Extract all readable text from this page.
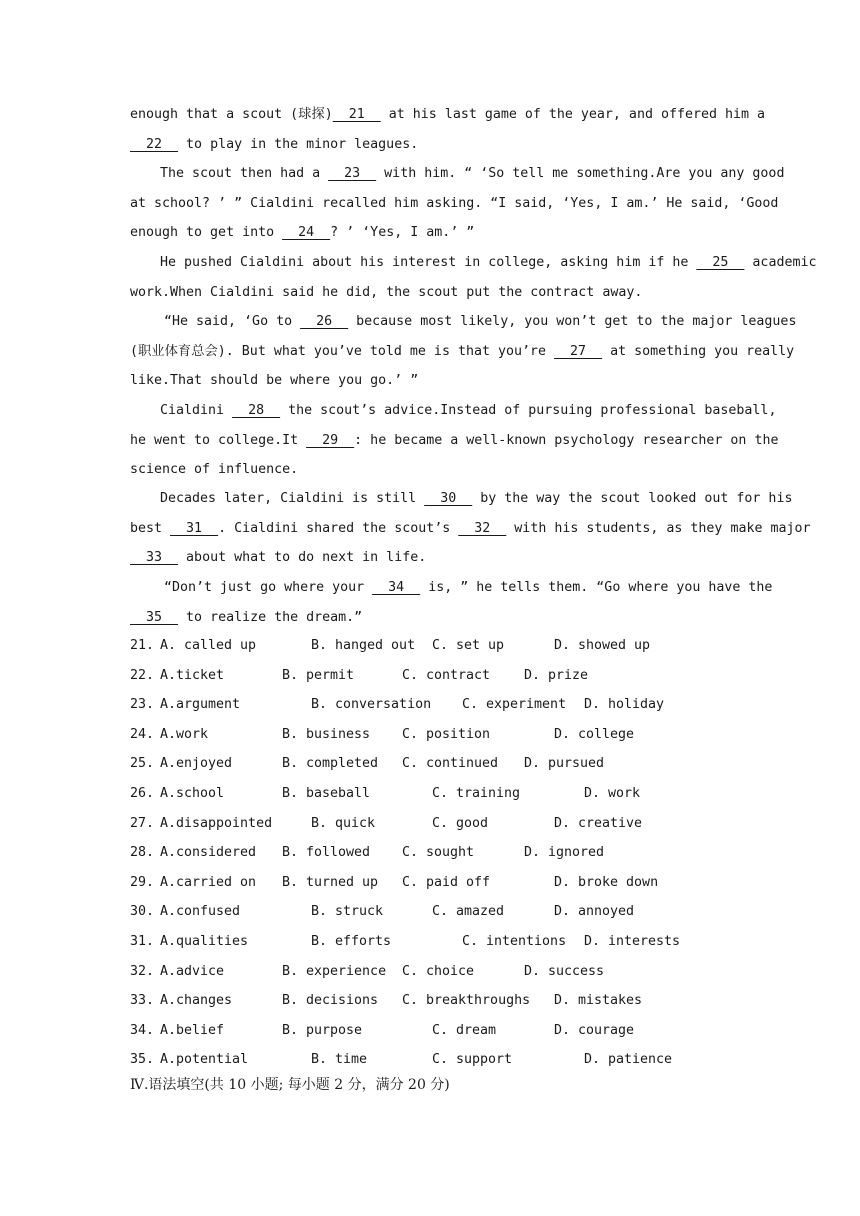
enough that a scout (球探)  21   at his last game of the year, and offered him a
22   to play in the minor leagues.
The scout then had a   23   with him. “ ‘So tell me something.Are you any good
at school? ’ ” Cialdini recalled him asking. “I said, ‘Yes, I am.’ He said, ‘Good
enough to get into   24  ? ’ ‘Yes, I am.’ ”
He pushed Cialdini about his interest in college, asking him if he   25   academic
work.When Cialdini said he did, the scout put the contract away.
“He said, ‘Go to   26   because most likely, you won’t get to the major leagues
(职业体育总会). But what you’ve told me is that you’re   27   at something you really
like.That should be where you go.’ ”
Cialdini   28   the scout’s advice.Instead of pursuing professional baseball,
he went to college.It   29  : he became a well-known psychology researcher on the
science of influence.
Decades later, Cialdini is still   30   by the way the scout looked out for his
best   31  . Cialdini shared the scout’s   32   with his students, as they make major
33   about what to do next in life.
“Don’t just go where your   34   is, ” he tells them. “Go where you have the
35   to realize the dream.”
21. A. called up	B. hanged out C. set up	D. showed up
22. A.ticket	B. permit	C. contract	D. prize
23. A.argument	B. conversation C. experiment D. holiday
24. A.work	B. business C. position	D. college
25. A.enjoyed	B. completed C. continued D. pursued
26. A.school	B. baseball	C. training	D. work
27. A.disappointed	B. quick	C. good	D. creative
28. A.considered B. followed C. sought	D. ignored
29. A.carried on B. turned up C. paid off	D. broke down
30. A.confused	B. struck	C. amazed	D. annoyed
31. A.qualities	B. efforts	C. intentions D. interests
32. A.advice	B. experience C. choice	D. success
33. A.changes	B. decisions C. breakthroughs D. mistakes
34. A.belief	B. purpose	C. dream	D. courage
35. A.potential	B. time	C. support	D. patience
Ⅳ.语法填空(共 10 小题; 每小题 2 分，满分 20 分)
